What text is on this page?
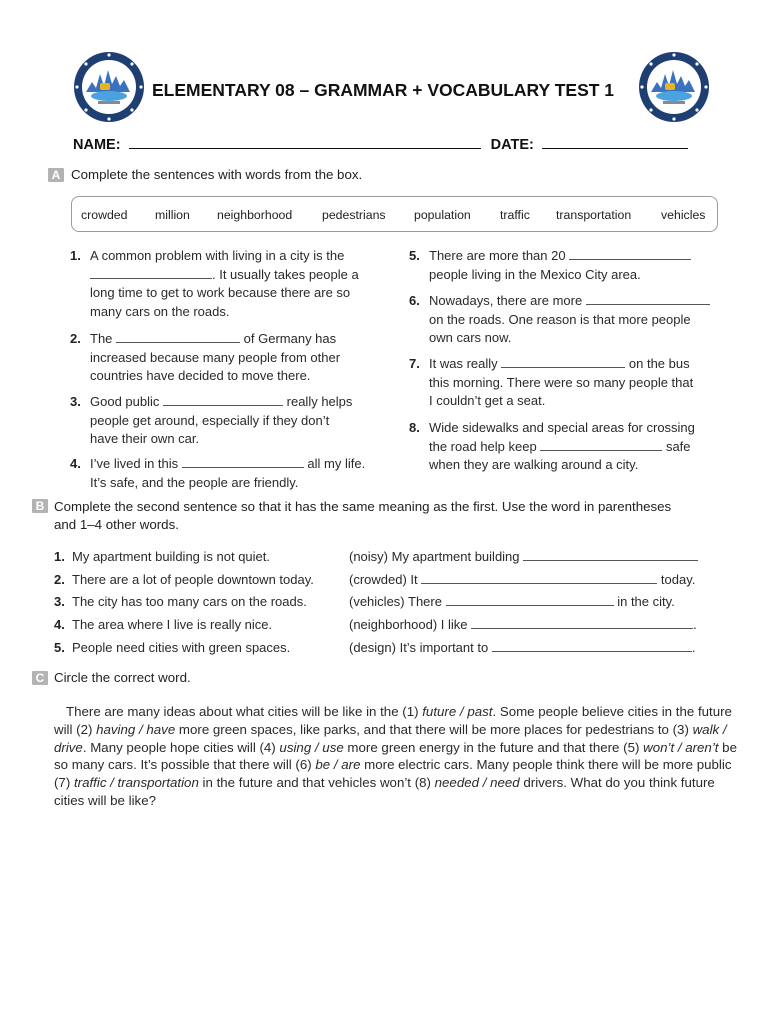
ELEMENTARY 08 – GRAMMAR + VOCABULARY TEST 1
NAME:	DATE:
A Complete the sentences with words from the box.
crowded million neighborhood pedestrians population traffic transportation vehicles
1. A common problem with living in a city is the
. It usually takes people a
long time to get to work because there are so
many cars on the roads.
2. The	of Germany has
increased because many people from other
countries have decided to move there.
3. Good public	really helps
people get around, especially if they don’t
have their own car.
4. I’ve lived in this	all my life.
It’s safe, and the people are friendly.
5. There are more than 20
people living in the Mexico City area.
6. Nowadays, there are more
on the roads. One reason is that more people
own cars now.
7. It was really	on the bus
this morning. There were so many people that
I couldn’t get a seat.
8. Wide sidewalks and special areas for crossing
the road help keep	safe
when they are walking around a city.
B Complete the second sentence so that it has the same meaning as the first. Use the word in parentheses
and 1–4 other words.
1. My apartment building is not quiet.	(noisy) My apartment building
2. There are a lot of people downtown today.	(crowded) It	today.
3. The city has too many cars on the roads.	(vehicles) There	in the city.
4. The area where I live is really nice.	(neighborhood) I like	.
5. People need cities with green spaces.	(design) It’s important to	.
C Circle the correct word.
There are many ideas about what cities will be like in the (1) future / past. Some people believe cities in the future will (2) having / have more green spaces, like parks, and that there will be more places for pedestrians to (3) walk / drive. Many people hope cities will (4) using / use more green energy in the future and that there (5) won’t / aren’t be so many cars. It’s possible that there will (6) be / are more electric cars. Many people think there will be more public (7) traffic / transportation in the future and that vehicles won’t (8) needed / need drivers. What do you think future cities will be like?
